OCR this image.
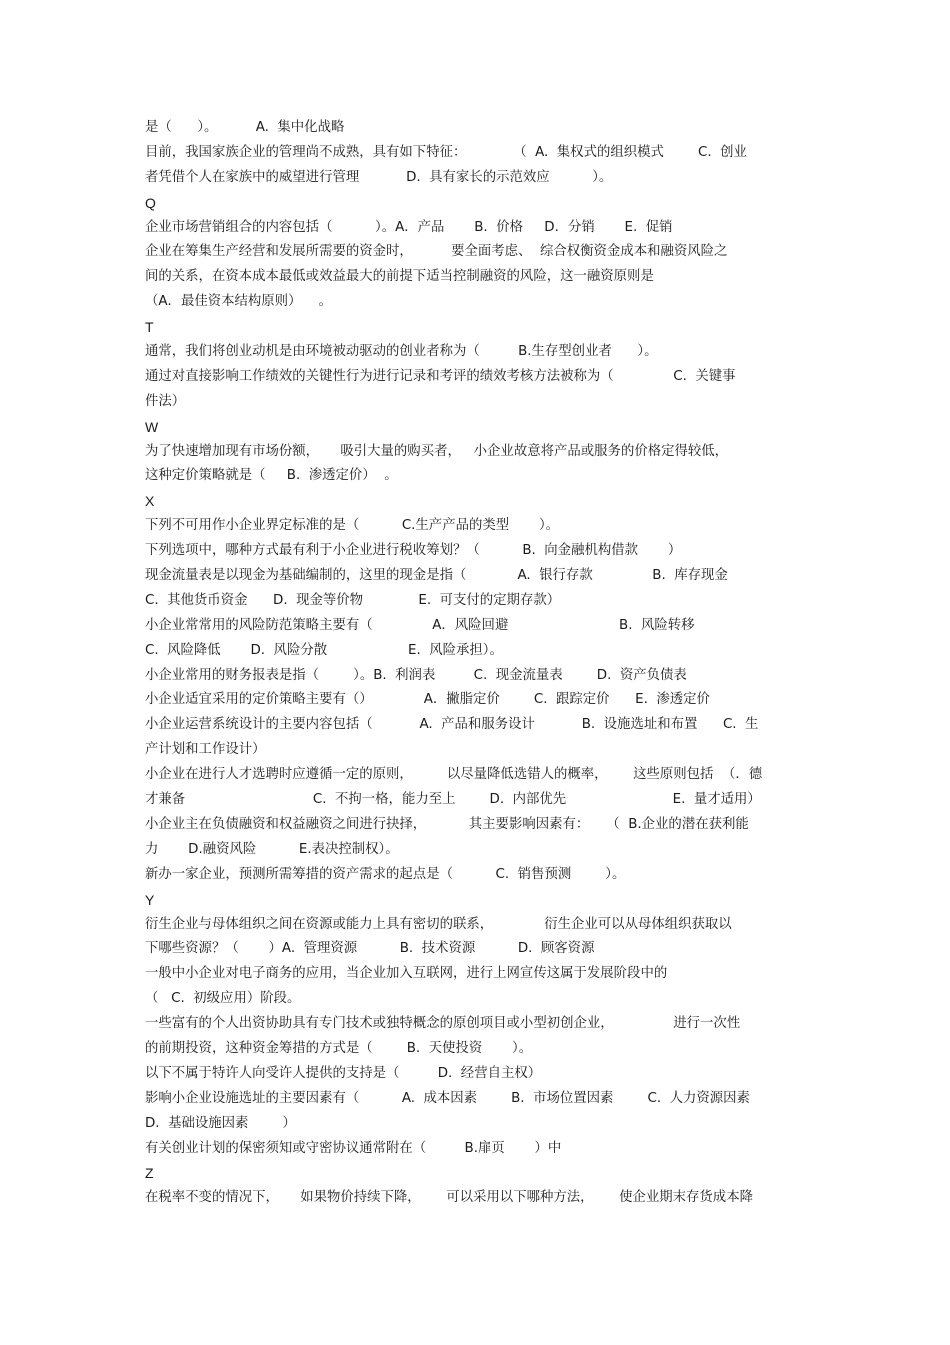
是（      ）。         A.  集中化战略
目前，我国家族企业的管理尚不成熟，具有如下特征：           （  A.  集权式的组织模式        C.  创业
者凭借个人在家族中的威望进行管理           D.  具有家长的示范效应          ）。
Q
企业市场营销组合的内容包括（          ）。A．产品       B.  价格     D．分销       E.  促销
企业在筹集生产经营和发展所需要的资金时，         要全面考虑、  综合权衡资金成本和融资风险之
间的关系，在资本成本最低或效益最大的前提下适当控制融资的风险，这一融资原则是
（A．最佳资本结构原则）    。
T
通常，我们将创业动机是由环境被动驱动的创业者称为（         B.生存型创业者      ）。
通过对直接影响工作绩效的关键性行为进行记录和考评的绩效考核方法被称为（              C.  关键事
件法）
W
为了快速增加现有市场份额，     吸引大量的购买者，   小企业故意将产品或服务的价格定得较低，
这种定价策略就是（     B.  渗透定价）  。
X
下列不可用作小企业界定标准的是（          C.生产产品的类型       ）。
下列选项中，哪种方式最有利于小企业进行税收筹划？（          B.  向金融机构借款       ）
现金流量表是以现金为基础编制的，这里的现金是指（            A.  银行存款              B.  库存现金
C.  其他货币资金      D.  现金等价物             E.  可支付的定期存款）
小企业常常用的风险防范策略主要有（              A．风险回避                          B.  风险转移
C.  风险降低       D.  风险分散                   E.  风险承担）。
小企业常用的财务报表是指（        ）。B.  利润表         C.  现金流量表        D.  资产负债表
小企业适宜采用的定价策略主要有（）            A．撇脂定价        C.  跟踪定价      E.  渗透定价
小企业运营系统设计的主要内容包括（           A.  产品和服务设计           B.  设施选址和布置      C.  生
产计划和工作设计）
小企业在进行人才选聘时应遵循一定的原则，        以尽量降低选错人的概率，      这些原则包括  （．德
才兼备                              C.  不拘一格，能力至上        D.  内部优先                         E.  量才适用）
小企业主在负债融资和权益融资之间进行抉择，          其主要影响因素有：    （  B.企业的潜在获利能
力       D.融资风险          E.表决控制权）。
新办一家企业，预测所需筹措的资产需求的起点是（          C.  销售预测        ）。
Y
衍生企业与母体组织之间在资源或能力上具有密切的联系，            衍生企业可以从母体组织获取以
下哪些资源？（       ）A.  管理资源          B.  技术资源          D.  顾客资源
一般中小企业对电子商务的应用，当企业加入互联网，进行上网宣传这属于发展阶段中的
（   C.  初级应用）阶段。
一些富有的个人出资协助具有专门技术或独特概念的原创项目或小型初创企业，              进行一次性
的前期投资，这种资金筹措的方式是（        B.  天使投资       ）。
以下不属于特许人向受许人提供的支持是（         D.  经营自主权）
影响小企业设施选址的主要因素有（          A.  成本因素        B.  市场位置因素        C.  人力资源因素
D.  基础设施因素        ）
有关创业计划的保密须知或守密协议通常附在（         B.扉页       ）中
Z
在税率不变的情况下，     如果物价持续下降，      可以采用以下哪种方法，      使企业期末存货成本降
